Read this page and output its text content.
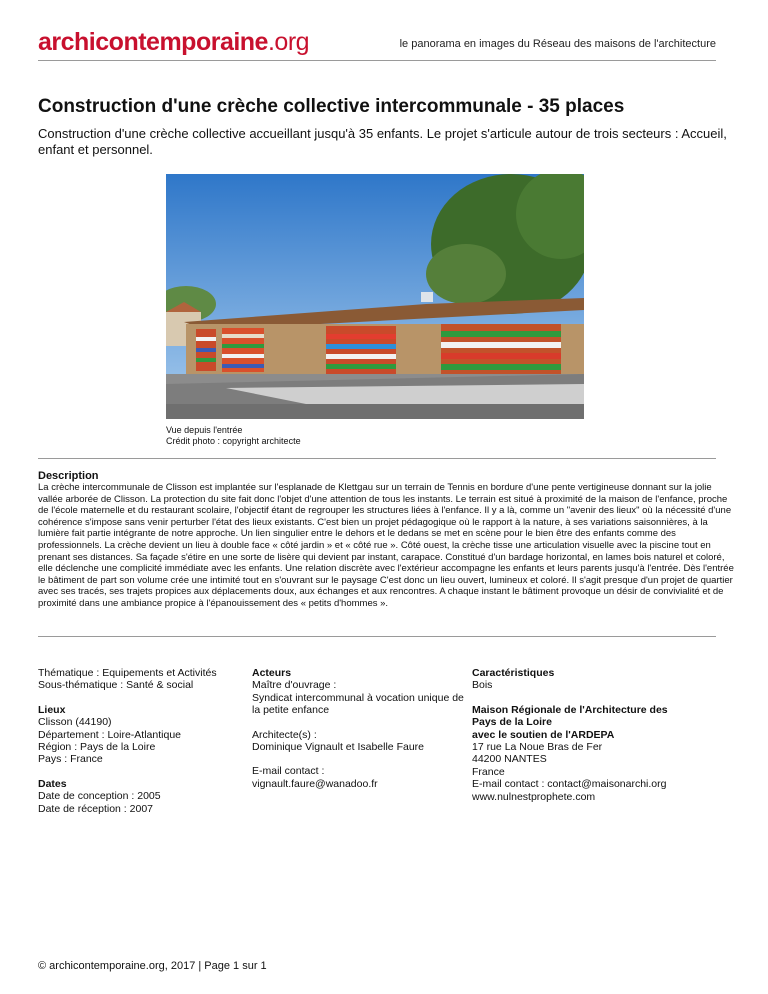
archicontemporaine.org	le panorama en images du Réseau des maisons de l'architecture
Construction d'une crèche collective intercommunale - 35 places

Construction d'une crèche collective accueillant jusqu'à 35 enfants. Le projet s'articule autour de trois secteurs : Accueil, enfant et personnel.

Vue depuis l'entrée
Crédit photo : copyright architecte
Description

La crèche intercommunale de Clisson est implantée sur l'esplanade de Klettgau sur un terrain de Tennis en bordure d'une pente vertigineuse donnant sur la jolie vallée arborée de Clisson. La protection du site fait donc l'objet d'une attention de tous les instants. Le terrain est situé à proximité de la maison de l'enfance, proche de l'école maternelle et du restaurant scolaire, l'objectif étant de regrouper les structures liées à l'enfance. Il y a là, comme un "avenir des lieux" où la nécessité d'une cohérence s'impose sans venir perturber l'état des lieux existants. C'est bien un projet pédagogique où le rapport à la nature, à ses variations saisonnières, à la lumière fait partie intégrante de notre approche. Un lien singulier entre le dehors et le dedans se met en scène pour le bien être des enfants comme des professionnels. La crèche devient un lieu à double face « côté jardin » et « côté rue ». Côté ouest, la crèche tisse une articulation visuelle avec la piscine tout en prenant ses distances. Sa façade s'étire en une sorte de lisère qui devient par instant, carapace. Constitué d'un bardage horizontal, en lames bois naturel et coloré, elle déclenche une complicité immédiate avec les enfants. Une relation discrète avec l'extérieur accompagne les enfants et leurs parents jusqu'à l'entrée. Dès l'entrée le bâtiment de part son volume crée une intimité tout en s'ouvrant sur le paysage C'est donc un lieu ouvert, lumineux et coloré. Il s'agit presque d'un projet de quartier avec ses tracés, ses trajets propices aux déplacements doux, aux échanges et aux rencontres. A chaque instant le bâtiment provoque un désir de convivialité et de proximité dans une ambiance propice à l'épanouissement des « petits d'hommes ».

Thématique : Equipements et Activités
Sous-thématique : Santé & social
Lieux
Clisson (44190)
Département : Loire-Atlantique
Région : Pays de la Loire
Pays : France
Dates
Date de conception : 2005
Date de réception : 2007
Acteurs
Maître d'ouvrage :
Syndicat intercommunal à vocation unique de la petite enfance
Architecte(s) :
Dominique Vignault et Isabelle Faure
E-mail contact :
vignault.faure@wanadoo.fr
Caractéristiques
Bois
Maison Régionale de l'Architecture des
Pays de la Loire
avec le soutien de l'ARDEPA
17 rue La Noue Bras de Fer
44200 NANTES
France
E-mail contact : contact@maisonarchi.org
www.nulnestprophete.com
© archicontemporaine.org, 2017 | Page 1 sur 1
